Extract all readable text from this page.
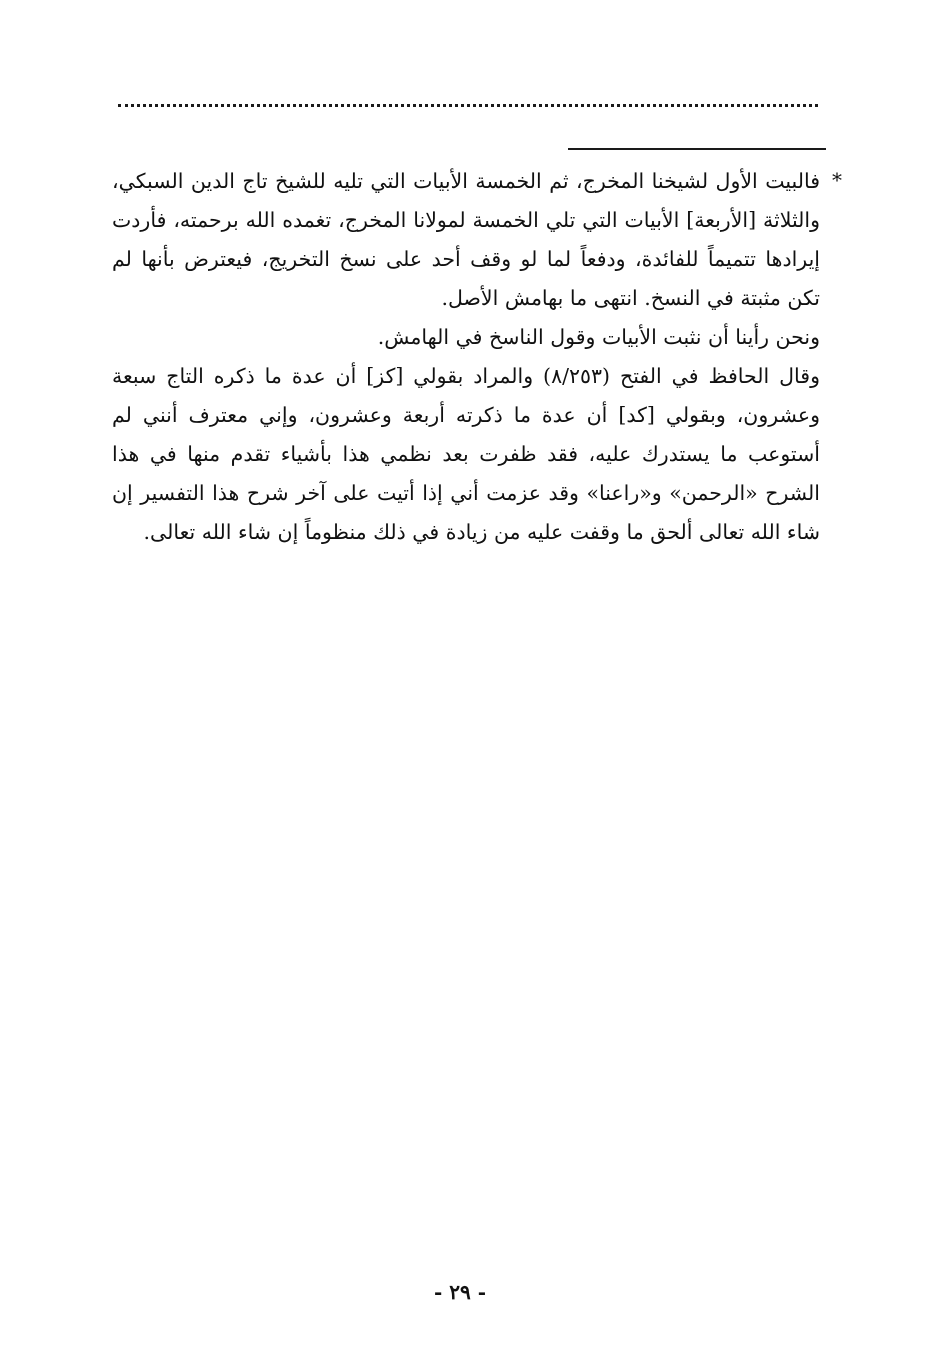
*

فالبيت الأول لشيخنا المخرج، ثم الخمسة الأبيات التي تليه للشيخ تاج الدين السبكي، والثلاثة [الأربعة] الأبيات التي تلي الخمسة لمولانا المخرج، تغمده الله برحمته، فأردت إيرادها تتميماً للفائدة، ودفعاً لما لو وقف أحد على نسخ التخريج، فيعترض بأنها لم تكن مثبتة في النسخ. انتهى ما بهامش الأصل.

ونحن رأينا أن نثبت الأبيات وقول الناسخ في الهامش.

وقال الحافظ في الفتح (٨/٢٥٣) والمراد بقولي [كز] أن عدة ما ذكره التاج سبعة وعشرون، وبقولي [كد] أن عدة ما ذكرته أربعة وعشرون، وإني معترف أنني لم أستوعب ما يستدرك عليه، فقد ظفرت بعد نظمي هذا بأشياء تقدم منها في هذا الشرح «الرحمن» و«راعنا» وقد عزمت أني إذا أتيت على آخر شرح هذا التفسير إن شاء الله تعالى ألحق ما وقفت عليه من زيادة في ذلك منظوماً إن شاء الله تعالى.

- ٢٩ -
